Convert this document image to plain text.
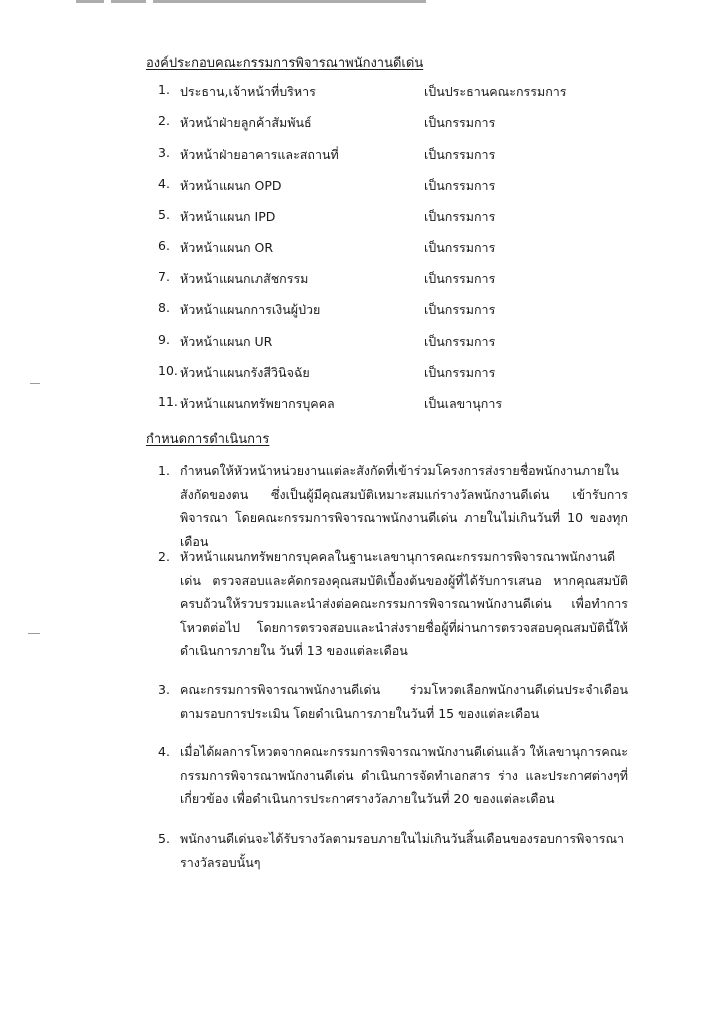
องค์ประกอบคณะกรรมการพิจารณาพนักงานดีเด่น
1. ประธาน,เจ้าหน้าที่บริหาร	เป็นประธานคณะกรรมการ
2. หัวหน้าฝ่ายลูกค้าสัมพันธ์	เป็นกรรมการ
3. หัวหน้าฝ่ายอาคารและสถานที่	เป็นกรรมการ
4. หัวหน้าแผนก OPD	เป็นกรรมการ
5. หัวหน้าแผนก IPD	เป็นกรรมการ
6. หัวหน้าแผนก OR	เป็นกรรมการ
7. หัวหน้าแผนกเภสัชกรรม	เป็นกรรมการ
8. หัวหน้าแผนกการเงินผู้ป่วย	เป็นกรรมการ
9. หัวหน้าแผนก UR	เป็นกรรมการ
10. หัวหน้าแผนกรังสีวินิจฉัย	เป็นกรรมการ
11. หัวหน้าแผนกทรัพยากรบุคคล	เป็นเลขานุการ
กำหนดการดำเนินการ
1. กำหนดให้หัวหน้าหน่วยงานแต่ละสังกัดที่เข้าร่วมโครงการส่งรายชื่อพนักงานภายในสังกัดของตน ซึ่งเป็นผู้มีคุณสมบัติเหมาะสมแก่รางวัลพนักงานดีเด่น เข้ารับการพิจารณา โดยคณะกรรมการพิจารณาพนักงานดีเด่น ภายในไม่เกินวันที่ 10 ของทุกเดือน
2. หัวหน้าแผนกทรัพยากรบุคคลในฐานะเลขานุการคณะกรรมการพิจารณาพนักงานดีเด่น ตรวจสอบและคัดกรองคุณสมบัติเบื้องต้นของผู้ที่ได้รับการเสนอ หากคุณสมบัติครบถ้วนให้รวบรวมและนำส่งต่อคณะกรรมการพิจารณาพนักงานดีเด่น เพื่อทำการโหวตต่อไป โดยการตรวจสอบและนำส่งรายชื่อผู้ที่ผ่านการตรวจสอบคุณสมบัตินี้ให้ดำเนินการภายใน วันที่ 13 ของแต่ละเดือน
3. คณะกรรมการพิจารณาพนักงานดีเด่น ร่วมโหวตเลือกพนักงานดีเด่นประจำเดือน ตามรอบการประเมิน โดยดำเนินการภายในวันที่ 15 ของแต่ละเดือน
4. เมื่อได้ผลการโหวตจากคณะกรรมการพิจารณาพนักงานดีเด่นแล้ว ให้เลขานุการคณะกรรมการพิจารณาพนักงานดีเด่น ดำเนินการจัดทำเอกสาร ร่าง และประกาศต่างๆที่เกี่ยวข้อง เพื่อดำเนินการประกาศรางวัลภายในวันที่ 20 ของแต่ละเดือน
5. พนักงานดีเด่นจะได้รับรางวัลตามรอบภายในไม่เกินวันสิ้นเดือนของรอบการพิจารณารางวัลรอบนั้นๆ
